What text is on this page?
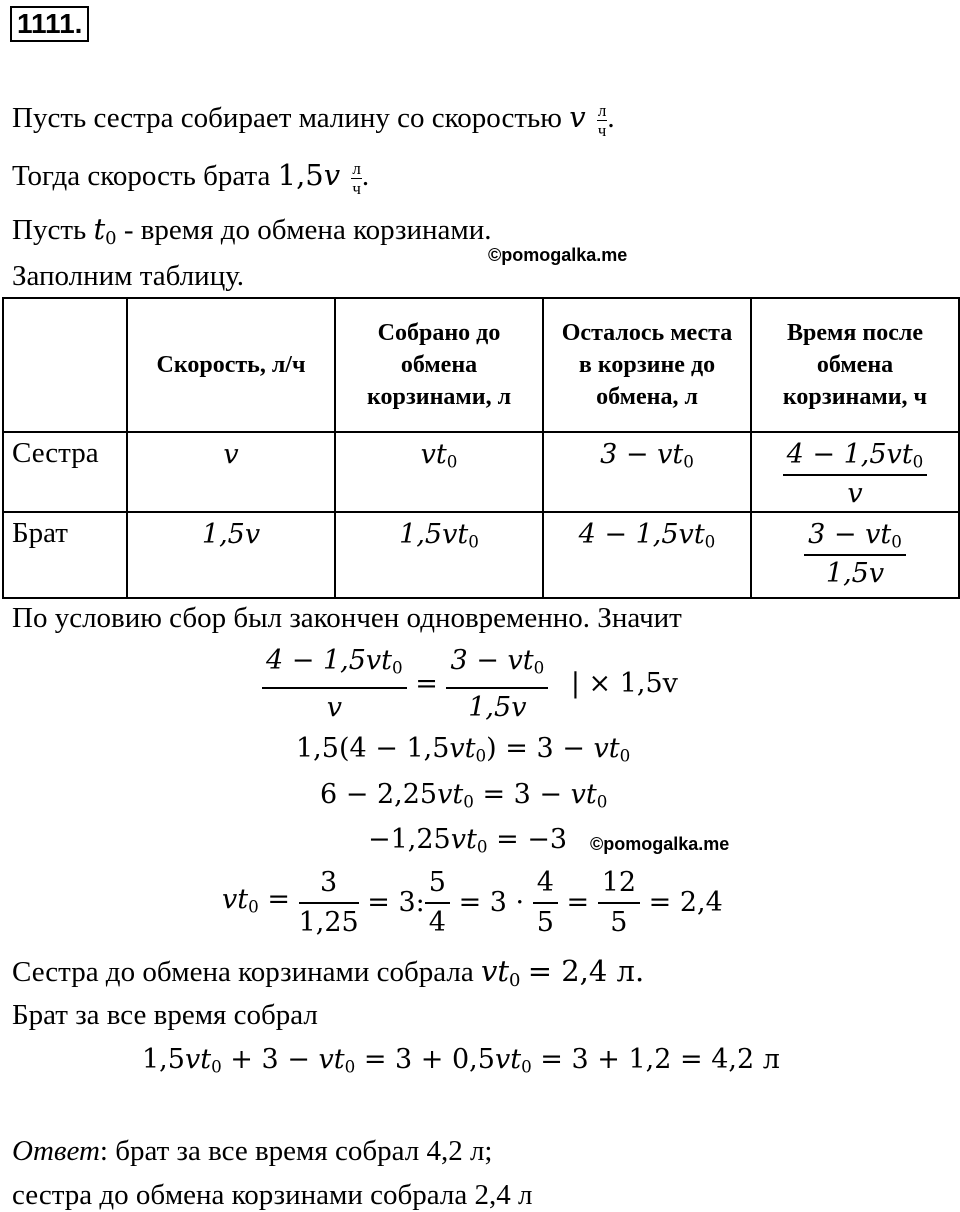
1111.
Пусть сестра собирает малину со скоростью v л
ч .
Тогда скорость брата 1,5v л
ч .
Пусть $t_0$ - время до обмена корзинами.
©pomogalka.me
Заполним таблицу.
	Скорость, л/ч	Собрано до обмена корзинами, л	Осталось места в корзине до обмена, л	Время после обмена корзинами, ч
Сестра	v	$vt_0$	$3 - vt_0$	$\frac{4 - 1,5vt_0}{v}$

Брат	1,5v	$1,5vt_0$	$4 - 1,5vt_0$	$\frac{3 - vt_0}{1,5v}$
По условию сбор был закончен одновременно. Значит
$\frac{4 - 1,5vt_0}{v} = \frac{3 - vt_0}{1,5v}$ | × 1,5v
$1,5(4 - 1,5vt_0) = 3 - vt_0$
$6 - 2,25vt_0 = 3 - vt_0$
$-1,25vt_0 = -3$ ©pomogalka.me
$vt_0 = \frac{3}{1,25} = 3$: $\frac{5}{4} = 3 \cdot \frac{4}{5} = \frac{12}{5} = 2,4$
Сестра до обмена корзинами собрала $vt_0 = 2,4$ л.
Брат за все время собрал
$1,5vt_0 + 3 - vt_0 = 3 + 0,5vt_0 = 3 + 1,2 = 4,2$ л
Ответ: брат за все время собрал 4,2 л;
сестра до обмена корзинами собрала 2,4 л
